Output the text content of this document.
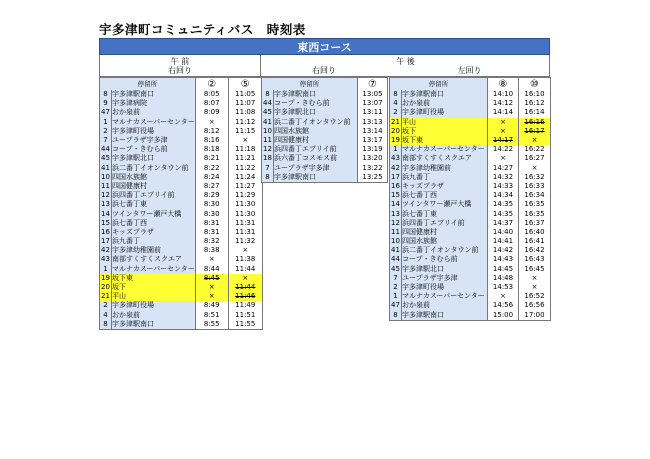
宇多津町コミュニティバス　時刻表
東西コース
午 前
右回り
午 後
右回り	左回り
停留所		②	⑤
8	宇多津駅南口	8:05	11:05
9	宇多津病院	8:07	11:07
47	おか泉前	8:09	11:08
1	マルナカスーパーセンター	×	11:12
2	宇多津町役場	8:12	11:15
7	ユープラザ宇多津	8:16	×
44	コープ・きむら前	8:18	11:18
45	宇多津駅北口	8:21	11:21
41	浜二番丁イオンタウン前	8:22	11:22
10	四国水族館	8:24	11:24
11	四国健康村	8:27	11:27
12	浜四番丁エブリイ前	8:29	11:29
13	浜七番丁東	8:30	11:30
14	ツインタワー瀬戸大橋	8:30	11:30
15	浜七番丁西	8:31	11:31
16	キッズプラザ	8:31	11:31
17	浜九番丁	8:32	11:32
42	宇多津幼稚園前	8:38	×
43	南部すくすくスクエア	×	11:38
1	マルナカスーパーセンター	8:44	11:44
19	坂下東	8:45	×
20	坂下	×	11:44
21	平山	×	11:46
2	宇多津町役場	8:49	11:49
4	おか泉前	8:51	11:51
8	宇多津駅南口	8:55	11:55
停留所		⑦
8	宇多津駅南口	13:05
44	コープ・きむら前	13:07
45	宇多津駅北口	13:11
41	浜二番丁イオンタウン前	13:13
10	四国水族館	13:14
11	四国健康村	13:17
12	浜四番丁エブリイ前	13:19
18	浜六番丁コスモス前	13:20
7	ユープラザ宇多津	13:22
8	宇多津駅南口	13:25
停留所		⑧	⑩
8	宇多津駅南口	14:10	16:10
4	おか泉前	14:12	16:12
2	宇多津町役場	14:14	16:14
21	平山	×	16:16
20	坂下	×	16:17
19	坂下東	14:17	×
1	マルナカスーパーセンター	14:22	16:22
43	南部すくすくスクエア	×	16:27
42	宇多津幼稚園前	14:27	×
17	浜九番丁	14:32	16:32
16	キッズプラザ	14:33	16:33
15	浜七番丁西	14:34	16:34
14	ツインタワー瀬戸大橋	14:35	16:35
13	浜七番丁東	14:35	16:35
12	浜四番丁エブリイ前	14:37	16:37
11	四国健康村	14:40	16:40
10	四国水族館	14:41	16:41
41	浜二番丁イオンタウン前	14:42	16:42
44	コープ・きむら前	14:43	16:43
45	宇多津駅北口	14:45	16:45
7	ユープラザ宇多津	14:48	×
2	宇多津町役場	14:53	×
1	マルナカスーパーセンター	×	16:52
47	おか泉前	14:56	16:56
8	宇多津駅南口	15:00	17:00
